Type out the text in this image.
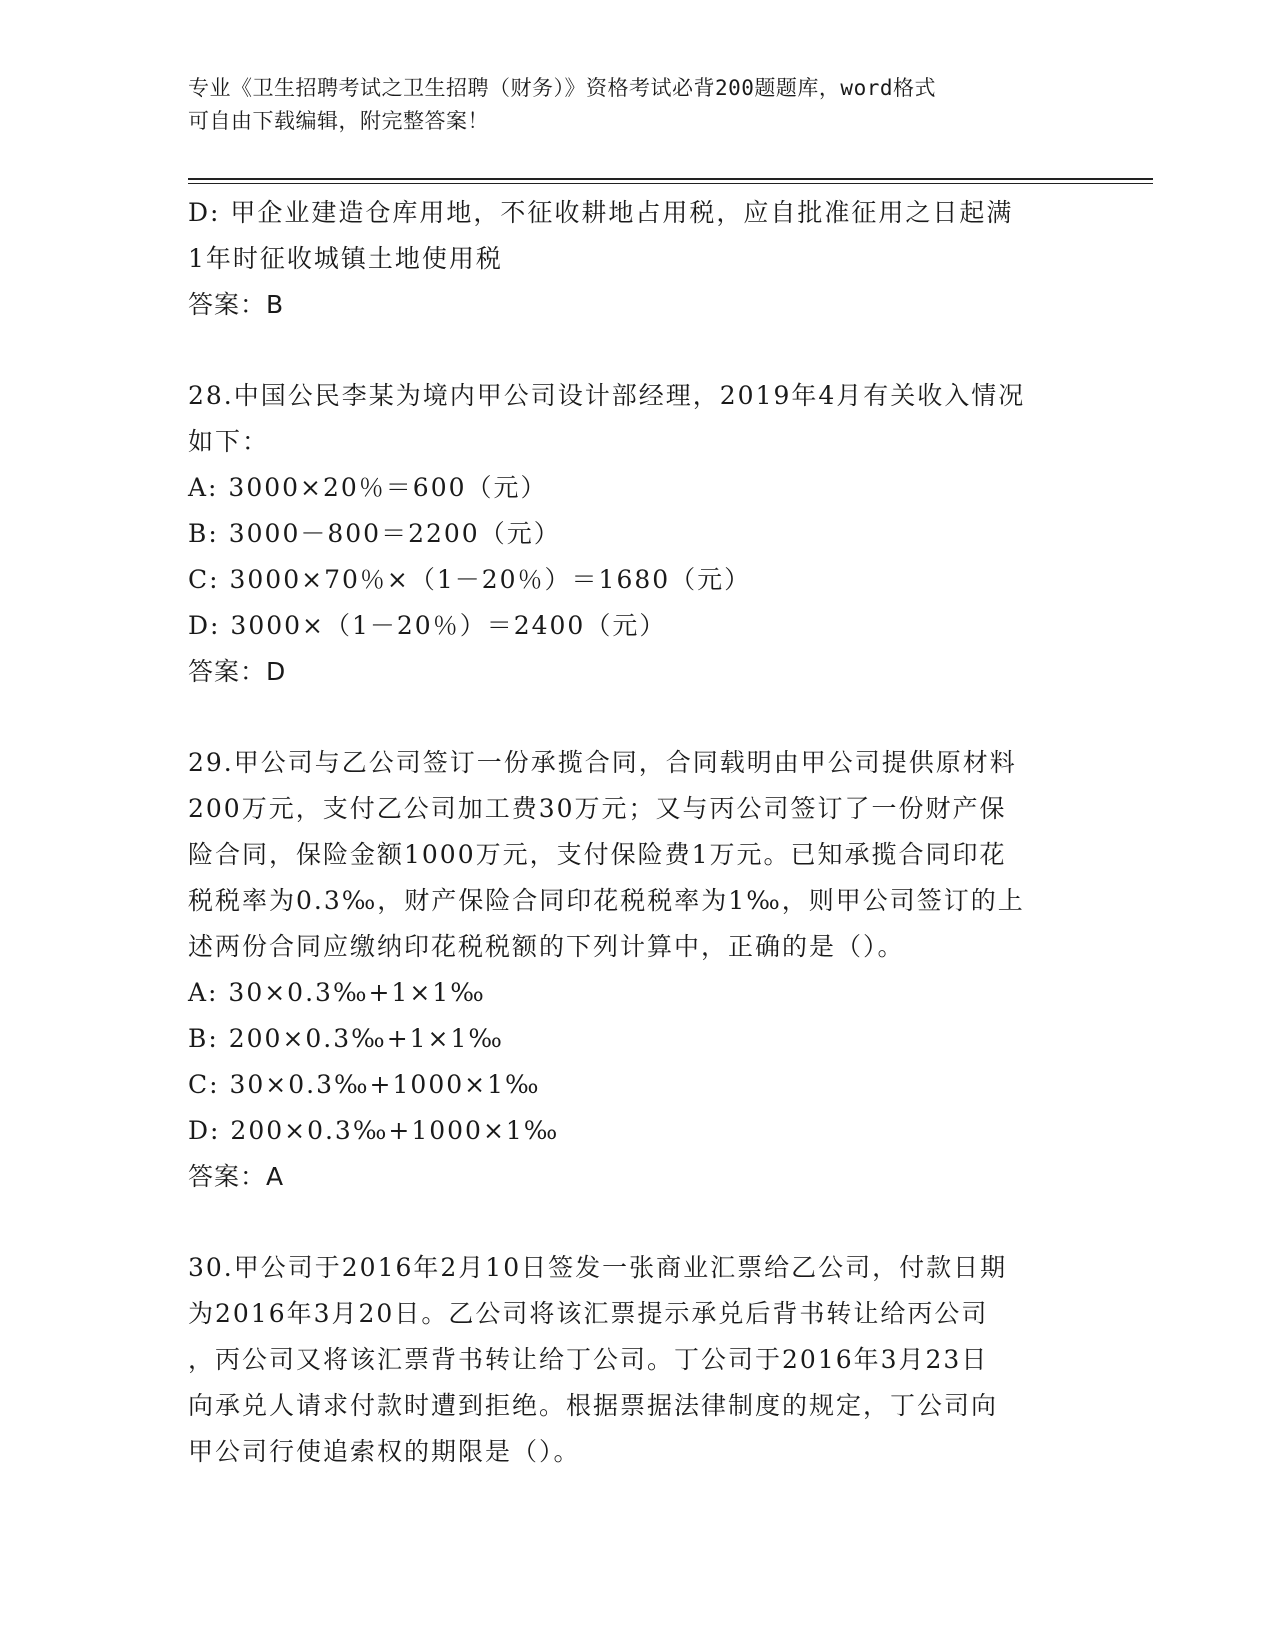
专业《卫生招聘考试之卫生招聘（财务）》资格考试必背200题题库，word格式
可自由下载编辑，附完整答案！
D: 甲企业建造仓库用地，不征收耕地占用税，应自批准征用之日起满
1年时征收城镇土地使用税
答案：B
28.中国公民李某为境内甲公司设计部经理，2019年4月有关收入情况
如下：
A: 3000×20％＝600（元）
B: 3000－800＝2200（元）
C: 3000×70％×（1－20％）＝1680（元）
D: 3000×（1－20％）＝2400（元）
答案：D
29.甲公司与乙公司签订一份承揽合同，合同载明由甲公司提供原材料
200万元，支付乙公司加工费30万元；又与丙公司签订了一份财产保
险合同，保险金额1000万元，支付保险费1万元。已知承揽合同印花
税税率为0.3‰，财产保险合同印花税税率为1‰，则甲公司签订的上
述两份合同应缴纳印花税税额的下列计算中，正确的是（）。
A: 30×0.3‰+1×1‰
B: 200×0.3‰+1×1‰
C: 30×0.3‰+1000×1‰
D: 200×0.3‰+1000×1‰
答案：A
30.甲公司于2016年2月10日签发一张商业汇票给乙公司，付款日期
为2016年3月20日。乙公司将该汇票提示承兑后背书转让给丙公司
，丙公司又将该汇票背书转让给丁公司。丁公司于2016年3月23日
向承兑人请求付款时遭到拒绝。根据票据法律制度的规定，丁公司向
甲公司行使追索权的期限是（）。
